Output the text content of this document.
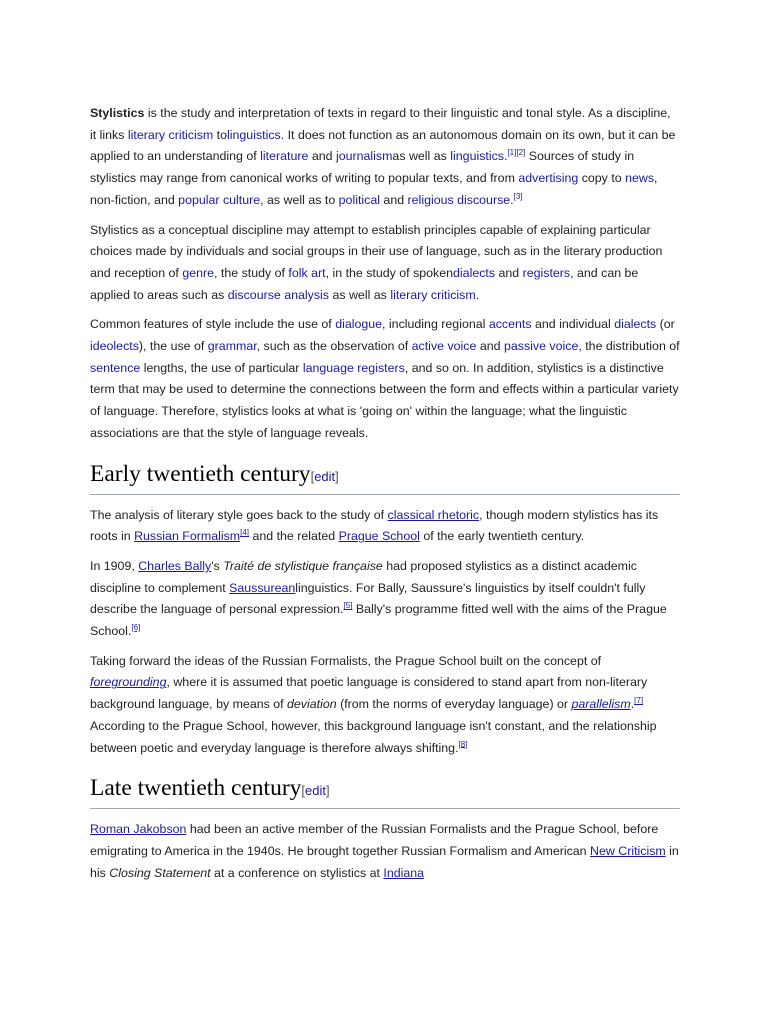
Stylistics is the study and interpretation of texts in regard to their linguistic and tonal style. As a discipline, it links literary criticism tolinguistics. It does not function as an autonomous domain on its own, but it can be applied to an understanding of literature and journalismas well as linguistics.[1][2] Sources of study in stylistics may range from canonical works of writing to popular texts, and from advertising copy to news, non-fiction, and popular culture, as well as to political and religious discourse.[3]

Stylistics as a conceptual discipline may attempt to establish principles capable of explaining particular choices made by individuals and social groups in their use of language, such as in the literary production and reception of genre, the study of folk art, in the study of spokendialects and registers, and can be applied to areas such as discourse analysis as well as literary criticism.

Common features of style include the use of dialogue, including regional accents and individual dialects (or ideolects), the use of grammar, such as the observation of active voice and passive voice, the distribution of sentence lengths, the use of particular language registers, and so on. In addition, stylistics is a distinctive term that may be used to determine the connections between the form and effects within a particular variety of language. Therefore, stylistics looks at what is 'going on' within the language; what the linguistic associations are that the style of language reveals.

Early twentieth century[edit]

The analysis of literary style goes back to the study of classical rhetoric, though modern stylistics has its roots in Russian Formalism[4] and the related Prague School of the early twentieth century.

In 1909, Charles Bally's Traité de stylistique française had proposed stylistics as a distinct academic discipline to complement Saussureanlinguistics. For Bally, Saussure's linguistics by itself couldn't fully describe the language of personal expression.[5] Bally's programme fitted well with the aims of the Prague School.[6]

Taking forward the ideas of the Russian Formalists, the Prague School built on the concept of foregrounding, where it is assumed that poetic language is considered to stand apart from non-literary background language, by means of deviation (from the norms of everyday language) or parallelism.[7] According to the Prague School, however, this background language isn't constant, and the relationship between poetic and everyday language is therefore always shifting.[8]

Late twentieth century[edit]

Roman Jakobson had been an active member of the Russian Formalists and the Prague School, before emigrating to America in the 1940s. He brought together Russian Formalism and American New Criticism in his Closing Statement at a conference on stylistics at Indiana
